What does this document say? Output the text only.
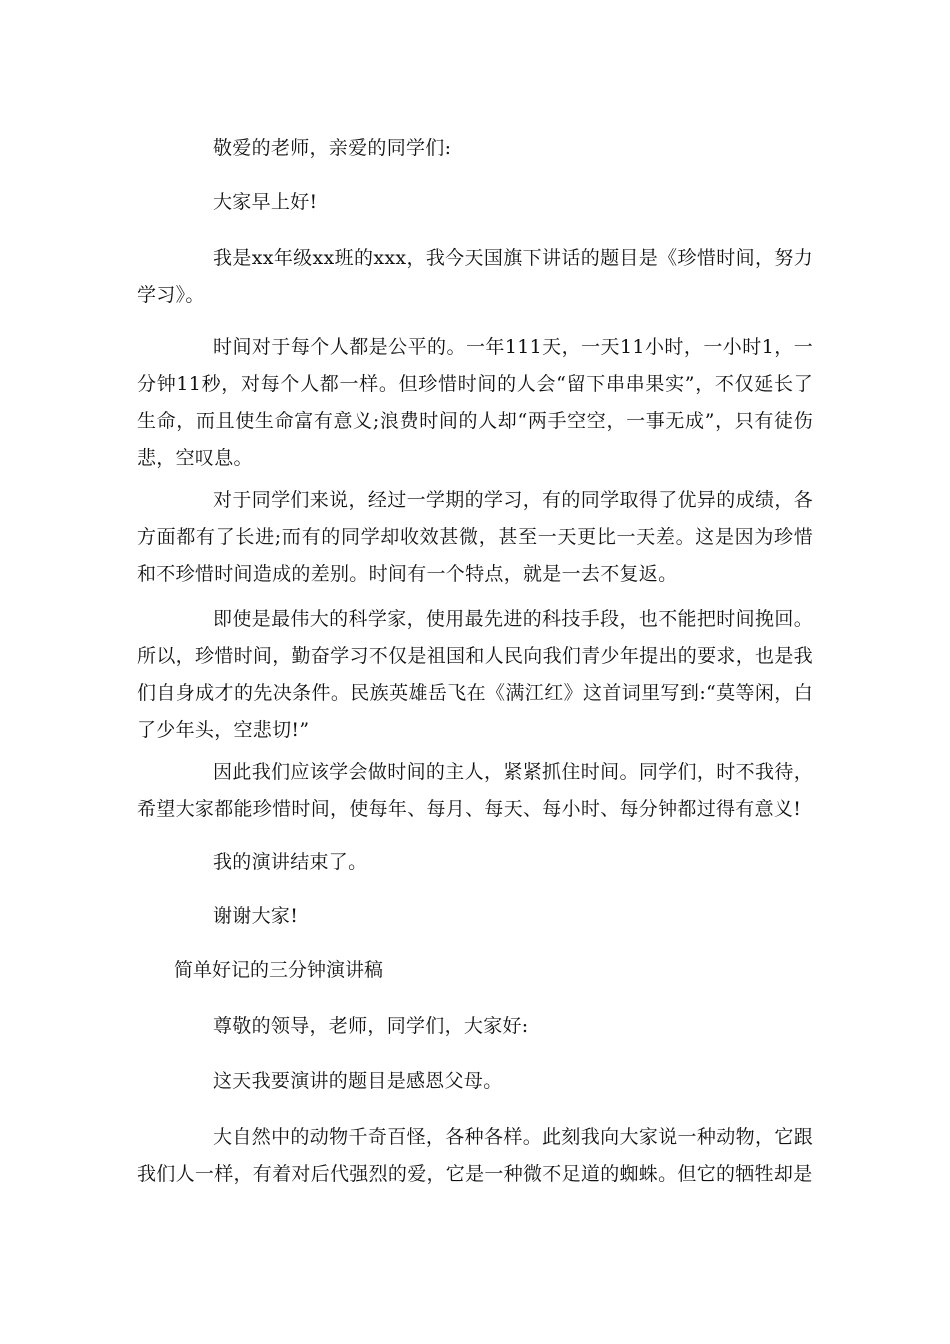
敬爱的老师，亲爱的同学们:

大家早上好!

我是xx年级xx班的xxx，我今天国旗下讲话的题目是《珍惜时间，努力学习》。

时间对于每个人都是公平的。一年111天，一天11小时，一小时1，一分钟11秒，对每个人都一样。但珍惜时间的人会“留下串串果实”，不仅延长了生命，而且使生命富有意义;浪费时间的人却“两手空空，一事无成”，只有徒伤悲，空叹息。

对于同学们来说，经过一学期的学习，有的同学取得了优异的成绩，各方面都有了长进;而有的同学却收效甚微，甚至一天更比一天差。这是因为珍惜和不珍惜时间造成的差别。时间有一个特点，就是一去不复返。

即使是最伟大的科学家，使用最先进的科技手段，也不能把时间挽回。所以，珍惜时间，勤奋学习不仅是祖国和人民向我们青少年提出的要求，也是我们自身成才的先决条件。民族英雄岳飞在《满江红》这首词里写到:“莫等闲，白了少年头，空悲切!”

因此我们应该学会做时间的主人，紧紧抓住时间。同学们，时不我待，希望大家都能珍惜时间，使每年、每月、每天、每小时、每分钟都过得有意义!

我的演讲结束了。

谢谢大家!

简单好记的三分钟演讲稿

尊敬的领导，老师，同学们，大家好:

这天我要演讲的题目是感恩父母。

大自然中的动物千奇百怪，各种各样。此刻我向大家说一种动物，它跟我们人一样，有着对后代强烈的爱，它是一种微不足道的蜘蛛。但它的牺牲却是
